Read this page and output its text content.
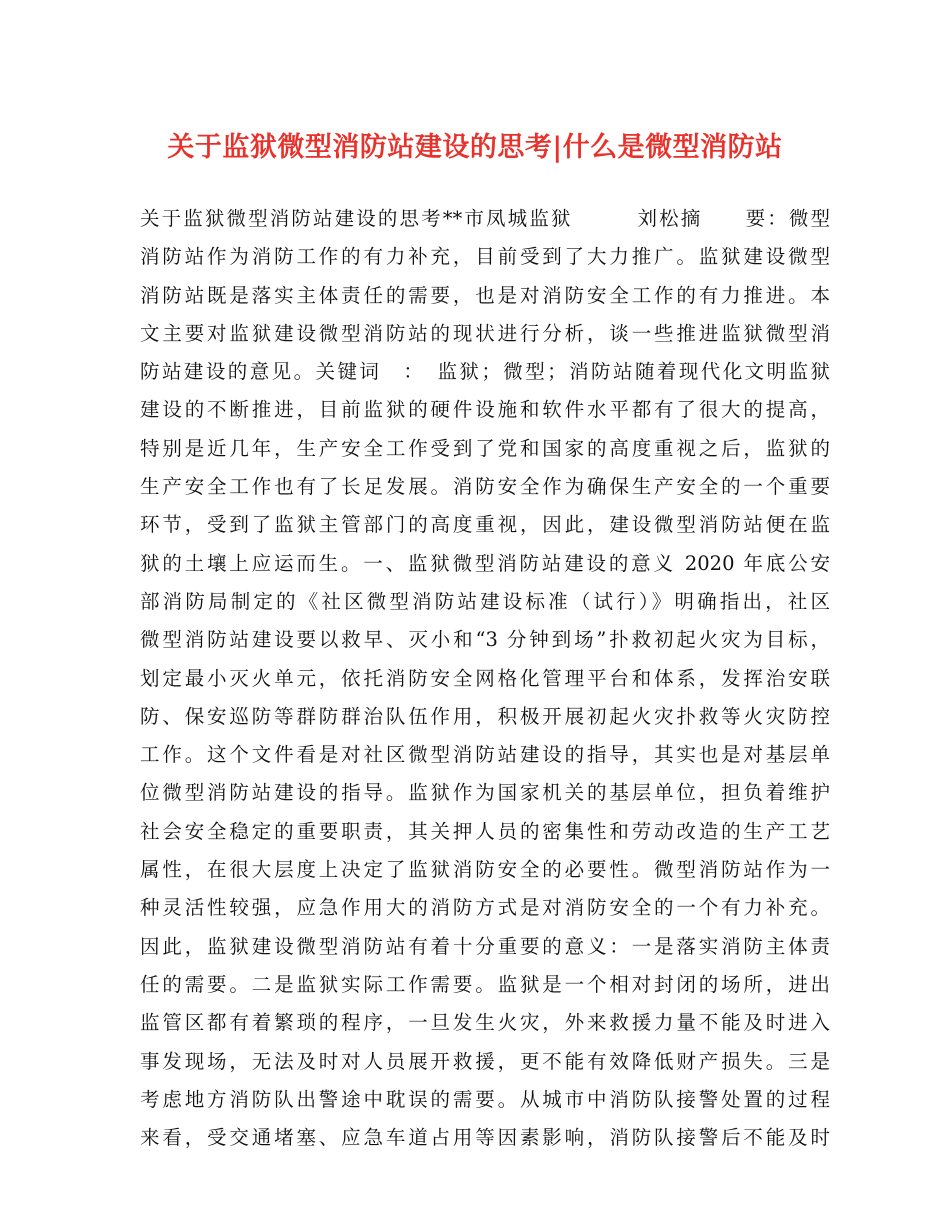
关于监狱微型消防站建设的思考|什么是微型消防站
关于监狱微型消防站建设的思考**市凤城监狱　　　刘松摘　　要：微型
消防站作为消防工作的有力补充，目前受到了大力推广。监狱建设微型
消防站既是落实主体责任的需要，也是对消防安全工作的有力推进。本
文主要对监狱建设微型消防站的现状进行分析，谈一些推进监狱微型消
防站建设的意见。关键词　：　监狱；微型；消防站随着现代化文明监狱
建设的不断推进，目前监狱的硬件设施和软件水平都有了很大的提高，
特别是近几年，生产安全工作受到了党和国家的高度重视之后，监狱的
生产安全工作也有了长足发展。消防安全作为确保生产安全的一个重要
环节，受到了监狱主管部门的高度重视，因此，建设微型消防站便在监
狱的土壤上应运而生。一、监狱微型消防站建设的意义 2020 年底公安
部消防局制定的《社区微型消防站建设标准（试行）》明确指出，社区
微型消防站建设要以救早、灭小和“3 分钟到场”扑救初起火灾为目标，
划定最小灭火单元，依托消防安全网格化管理平台和体系，发挥治安联
防、保安巡防等群防群治队伍作用，积极开展初起火灾扑救等火灾防控
工作。这个文件看是对社区微型消防站建设的指导，其实也是对基层单
位微型消防站建设的指导。监狱作为国家机关的基层单位，担负着维护
社会安全稳定的重要职责，其关押人员的密集性和劳动改造的生产工艺
属性，在很大层度上决定了监狱消防安全的必要性。微型消防站作为一
种灵活性较强，应急作用大的消防方式是对消防安全的一个有力补充。
因此，监狱建设微型消防站有着十分重要的意义：一是落实消防主体责
任的需要。二是监狱实际工作需要。监狱是一个相对封闭的场所，进出
监管区都有着繁琐的程序，一旦发生火灾，外来救援力量不能及时进入
事发现场，无法及时对人员展开救援，更不能有效降低财产损失。三是
考虑地方消防队出警途中耽误的需要。从城市中消防队接警处置的过程
来看，受交通堵塞、应急车道占用等因素影响，消防队接警后不能及时
